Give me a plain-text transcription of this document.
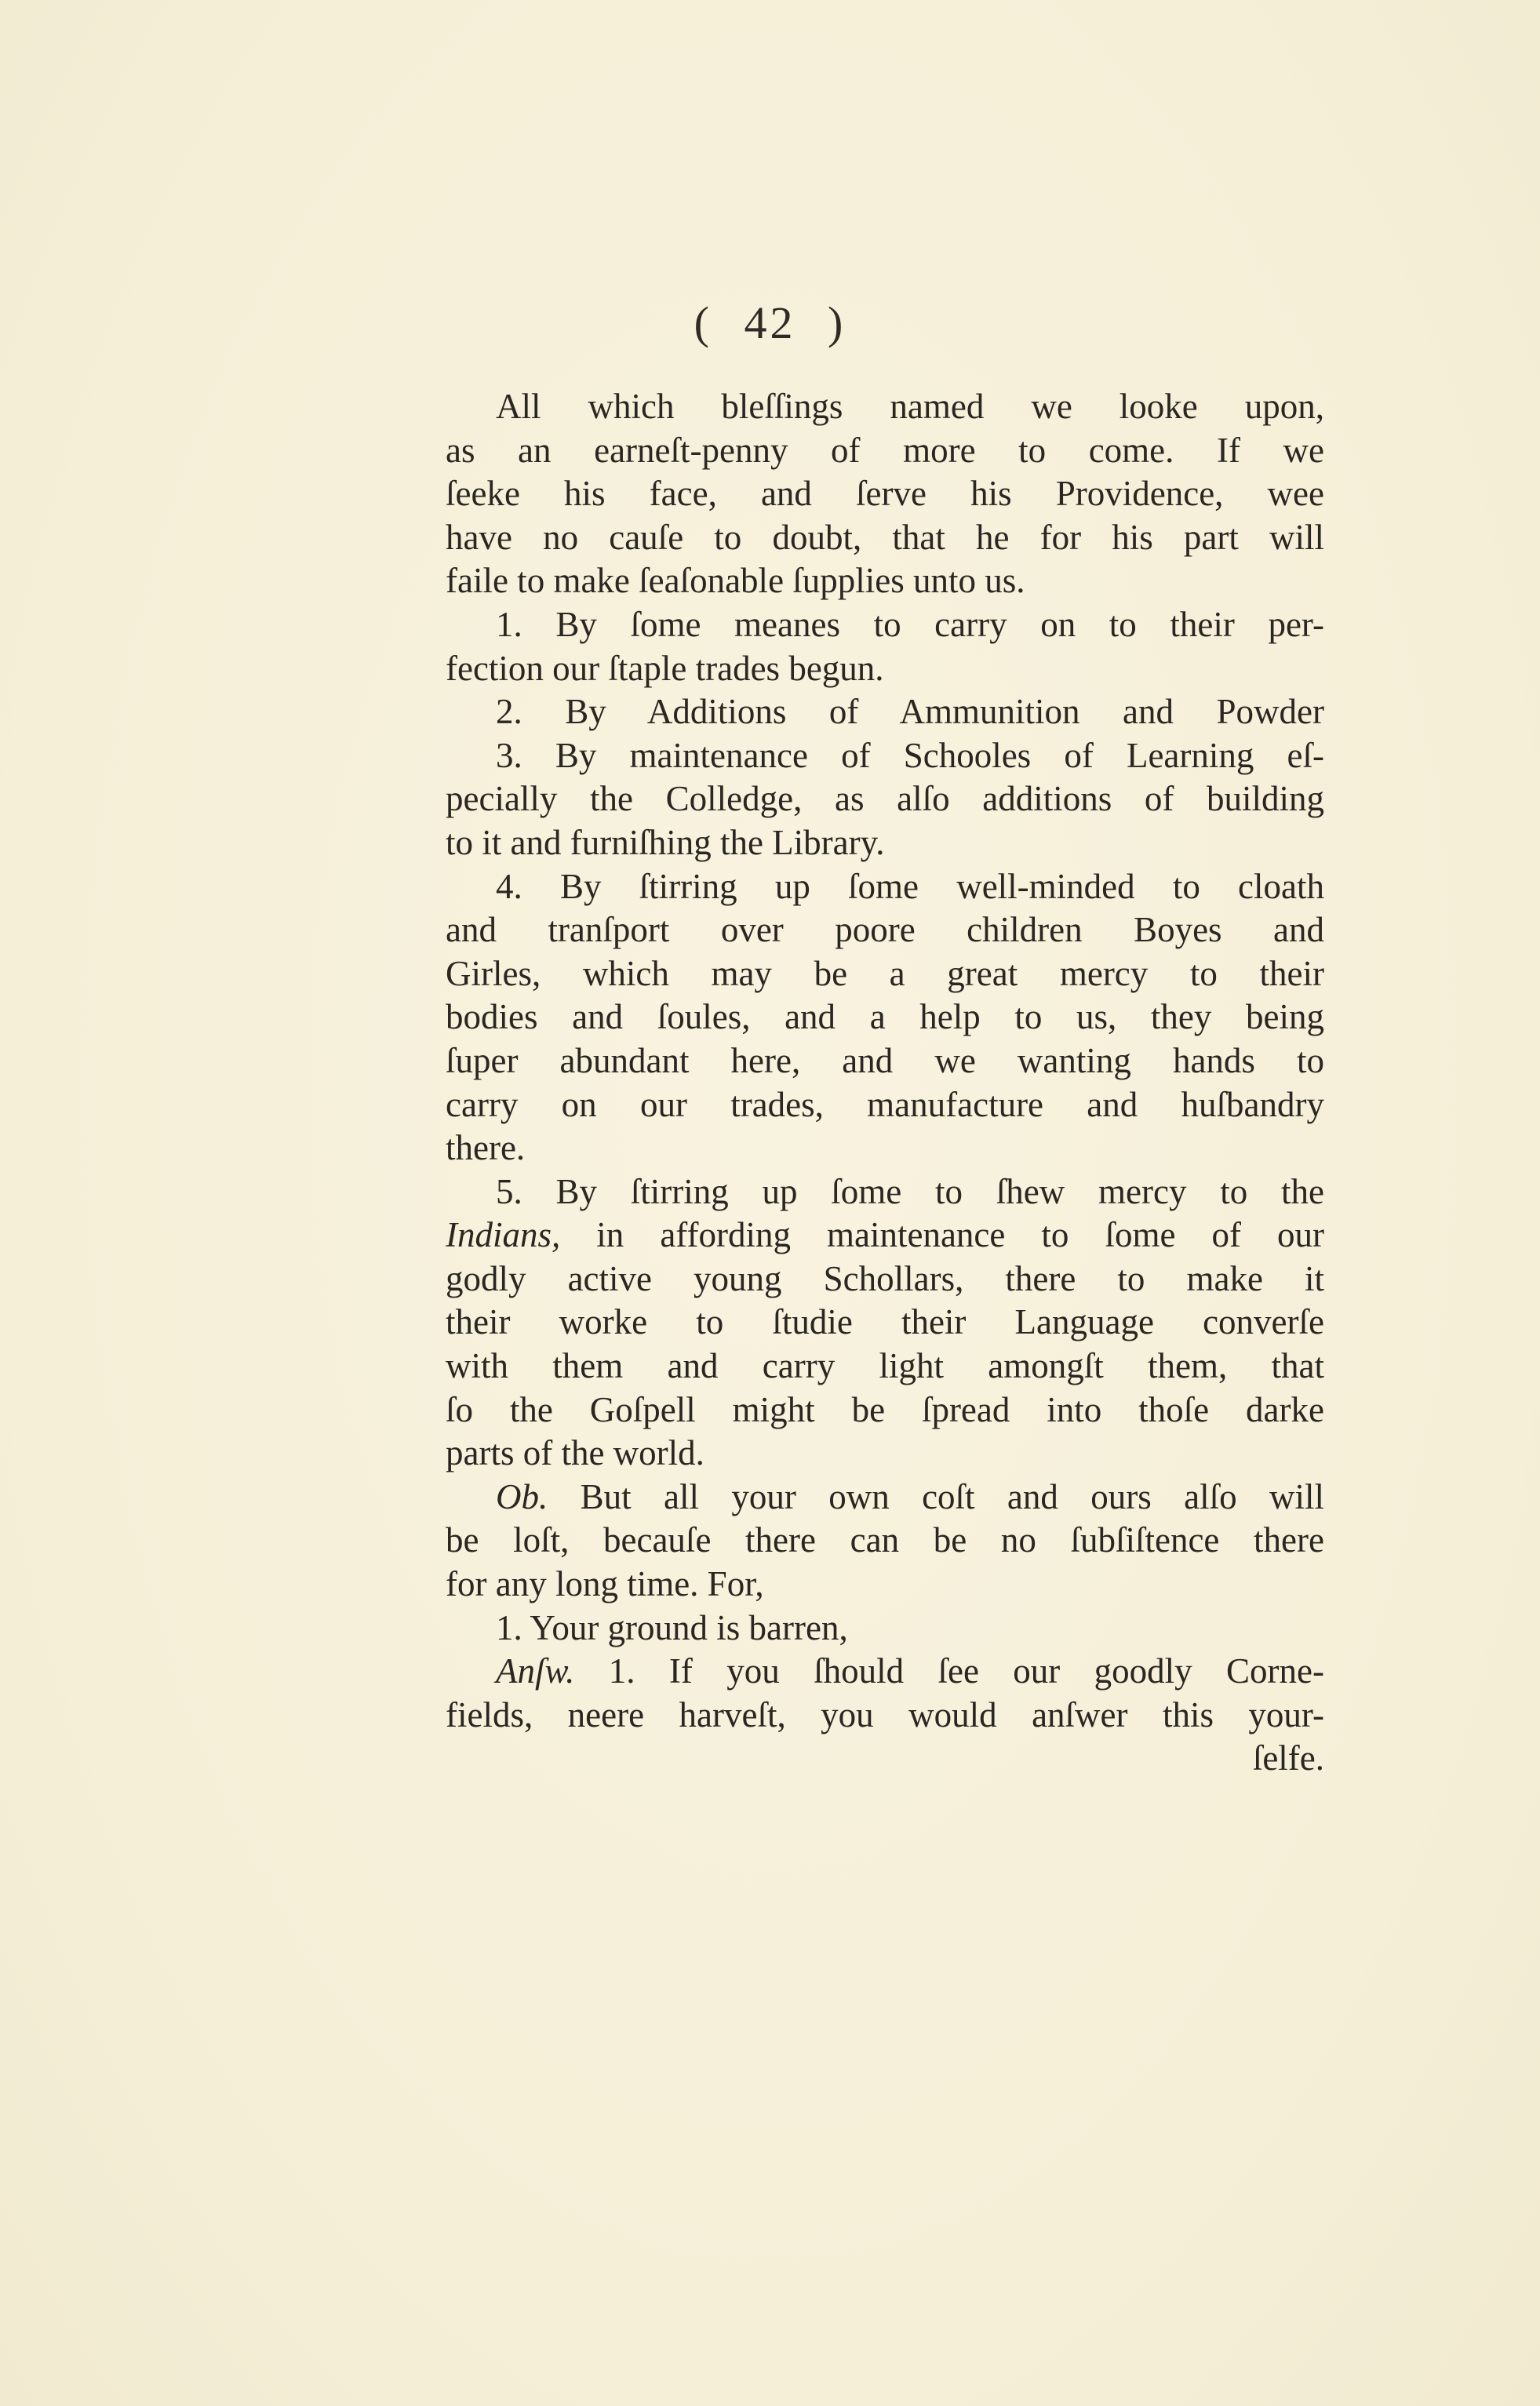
( 42 )
All which bleſſings named we looke upon,
as an earneſt-penny of more to come. If we
ſeeke his face, and ſerve his Providence, wee
have no cauſe to doubt, that he for his part will
faile to make ſeaſonable ſupplies unto us.
1. By ſome meanes to carry on to their per-
fection our ſtaple trades begun.
2. By Additions of Ammunition and Powder
3. By maintenance of Schooles of Learning eſ-
pecially the Colledge, as alſo additions of building
to it and furniſhing the Library.
4. By ſtirring up ſome well-minded to cloath
and tranſport over poore children Boyes and
Girles, which may be a great mercy to their
bodies and ſoules, and a help to us, they being
ſuper abundant here, and we wanting hands to
carry on our trades, manufacture and huſbandry
there.
5. By ſtirring up ſome to ſhew mercy to the
Indians, in affording maintenance to ſome of our
godly active young Schollars, there to make it
their worke to ſtudie their Language converſe
with them and carry light amongſt them, that
ſo the Goſpell might be ſpread into thoſe darke
parts of the world.
Ob. But all your own coſt and ours alſo will
be loſt, becauſe there can be no ſubſiſtence there
for any long time. For,
1. Your ground is barren,
Anſw. 1. If you ſhould ſee our goodly Corne-
fields, neere harveſt, you would anſwer this your-
ſelfe.
